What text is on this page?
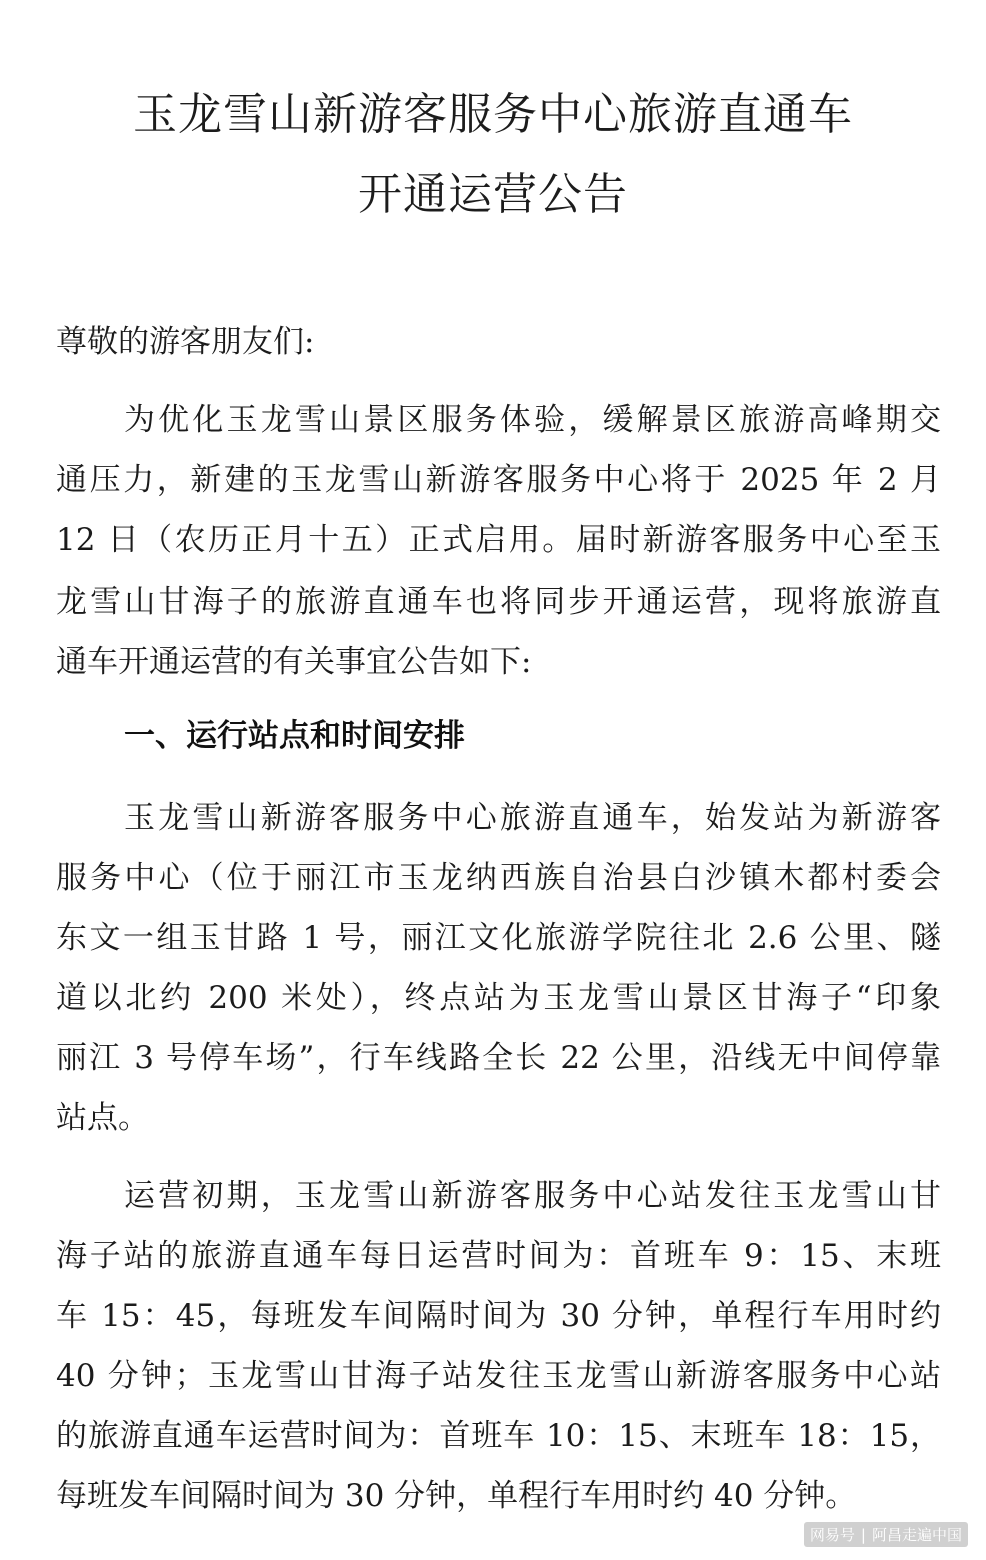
玉龙雪山新游客服务中心旅游直通车
开通运营公告
尊敬的游客朋友们:
为优化玉龙雪山景区服务体验，缓解景区旅游高峰期交
通压力，新建的玉龙雪山新游客服务中心将于 2025 年 2 月
12 日（农历正月十五）正式启用。届时新游客服务中心至玉
龙雪山甘海子的旅游直通车也将同步开通运营，现将旅游直
通车开通运营的有关事宜公告如下:
一、运行站点和时间安排
玉龙雪山新游客服务中心旅游直通车，始发站为新游客
服务中心（位于丽江市玉龙纳西族自治县白沙镇木都村委会
东文一组玉甘路 1 号，丽江文化旅游学院往北 2.6 公里、隧
道以北约 200 米处），终点站为玉龙雪山景区甘海子“印象
丽江 3 号停车场”，行车线路全长 22 公里，沿线无中间停靠
站点。
运营初期，玉龙雪山新游客服务中心站发往玉龙雪山甘
海子站的旅游直通车每日运营时间为：首班车 9：15、末班
车 15：45，每班发车间隔时间为 30 分钟，单程行车用时约
40 分钟；玉龙雪山甘海子站发往玉龙雪山新游客服务中心站
的旅游直通车运营时间为：首班车 10：15、末班车 18：15，
每班发车间隔时间为 30 分钟，单程行车用时约 40 分钟。
网易号 | 阿昌走遍中国
